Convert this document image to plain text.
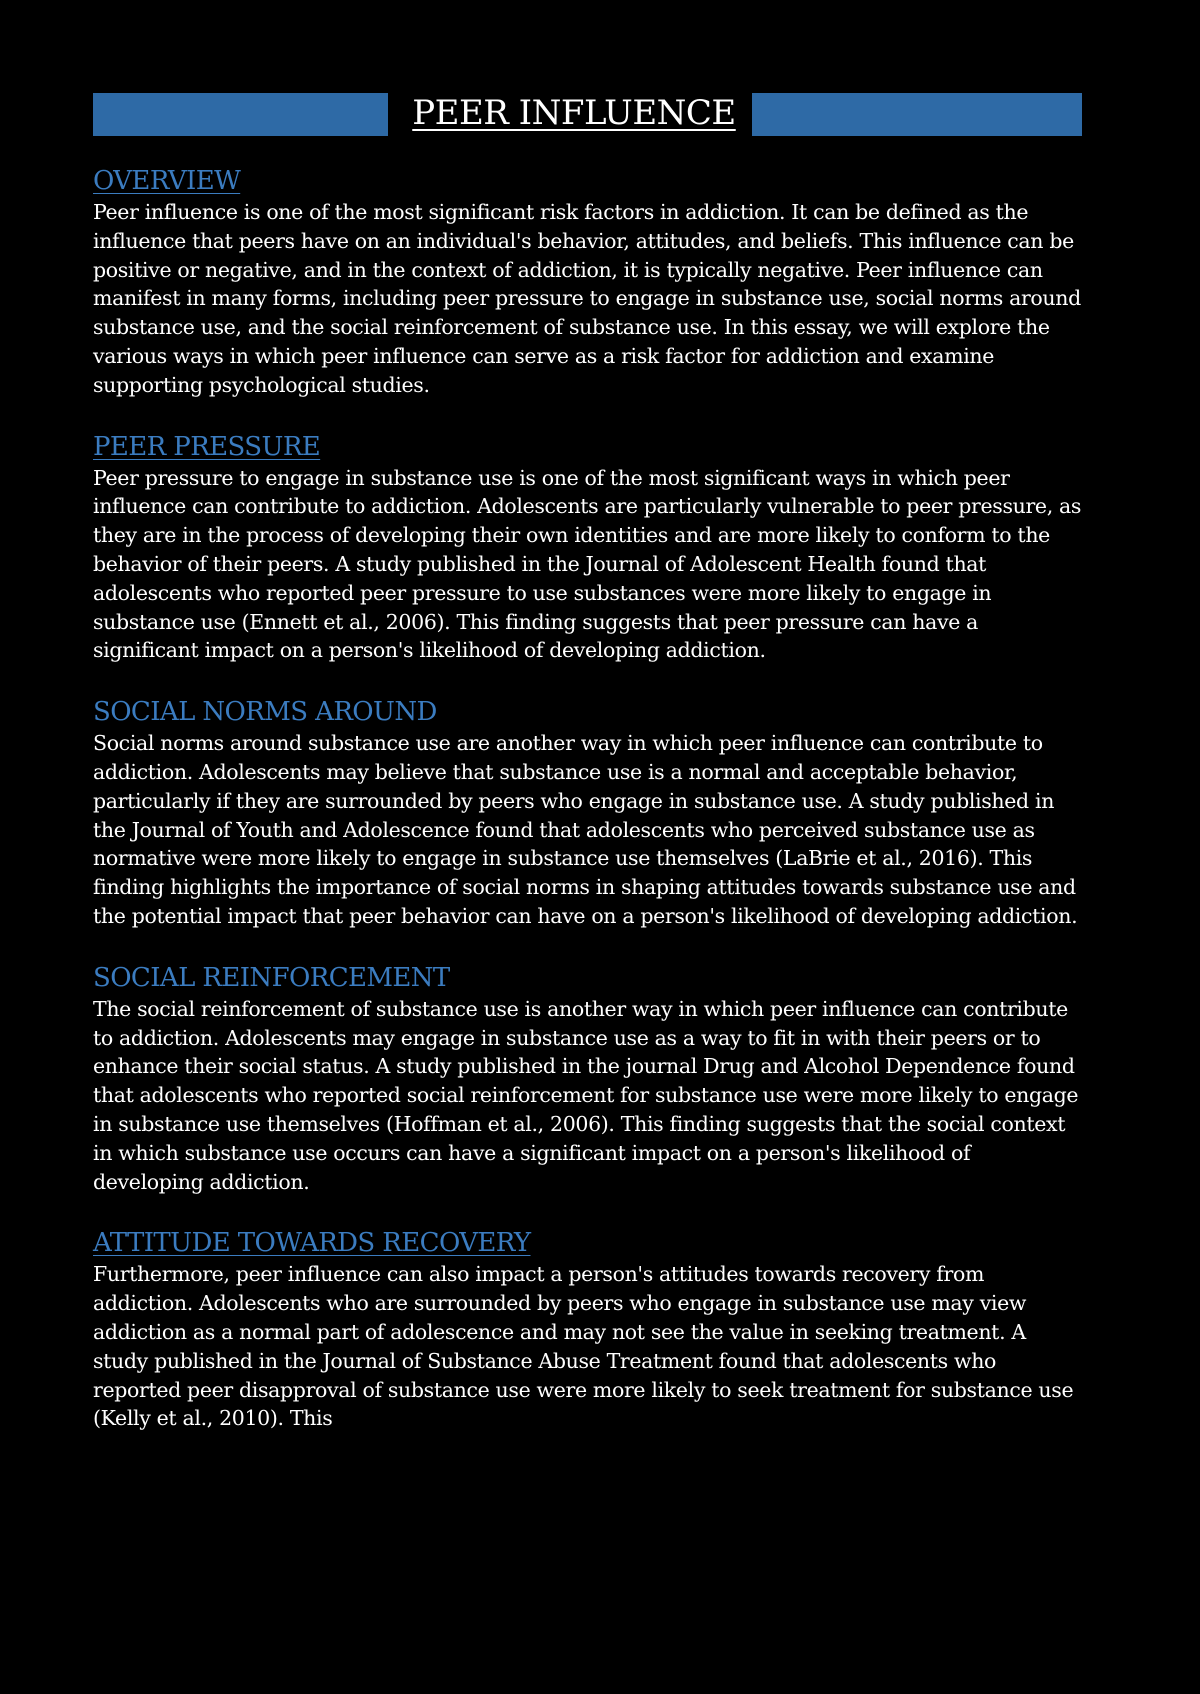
PEER INFLUENCE
OVERVIEW

Peer influence is one of the most significant risk factors in addiction. It can be defined as the influence that peers have on an individual's behavior, attitudes, and beliefs. This influence can be positive or negative, and in the context of addiction, it is typically negative. Peer influence can manifest in many forms, including peer pressure to engage in substance use, social norms around substance use, and the social reinforcement of substance use. In this essay, we will explore the various ways in which peer influence can serve as a risk factor for addiction and examine supporting psychological studies.

PEER PRESSURE

Peer pressure to engage in substance use is one of the most significant ways in which peer influence can contribute to addiction. Adolescents are particularly vulnerable to peer pressure, as they are in the process of developing their own identities and are more likely to conform to the behavior of their peers. A study published in the Journal of Adolescent Health found that adolescents who reported peer pressure to use substances were more likely to engage in substance use (Ennett et al., 2006). This finding suggests that peer pressure can have a significant impact on a person's likelihood of developing addiction.

SOCIAL NORMS AROUND

Social norms around substance use are another way in which peer influence can contribute to addiction. Adolescents may believe that substance use is a normal and acceptable behavior, particularly if they are surrounded by peers who engage in substance use. A study published in the Journal of Youth and Adolescence found that adolescents who perceived substance use as normative were more likely to engage in substance use themselves (LaBrie et al., 2016). This finding highlights the importance of social norms in shaping attitudes towards substance use and the potential impact that peer behavior can have on a person's likelihood of developing addiction.

SOCIAL REINFORCEMENT

The social reinforcement of substance use is another way in which peer influence can contribute to addiction. Adolescents may engage in substance use as a way to fit in with their peers or to enhance their social status. A study published in the journal Drug and Alcohol Dependence found that adolescents who reported social reinforcement for substance use were more likely to engage in substance use themselves (Hoffman et al., 2006). This finding suggests that the social context in which substance use occurs can have a significant impact on a person's likelihood of developing addiction.

ATTITUDE TOWARDS RECOVERY

Furthermore, peer influence can also impact a person's attitudes towards recovery from addiction. Adolescents who are surrounded by peers who engage in substance use may view addiction as a normal part of adolescence and may not see the value in seeking treatment. A study published in the Journal of Substance Abuse Treatment found that adolescents who reported peer disapproval of substance use were more likely to seek treatment for substance use (Kelly et al., 2010). This
